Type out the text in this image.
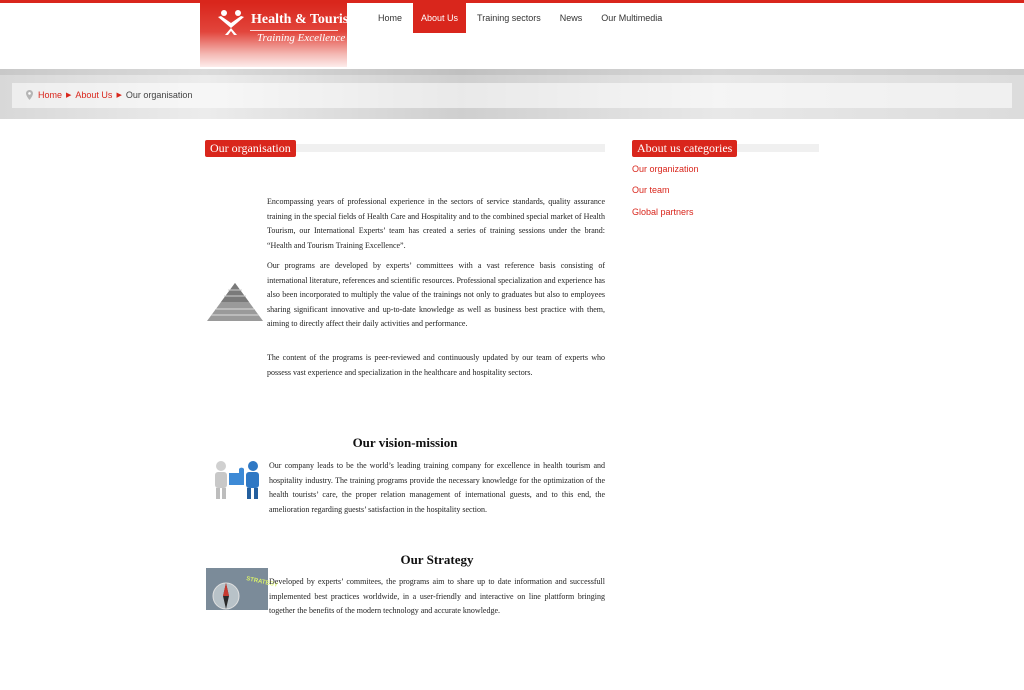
Health & Tourism
Training Excellence
Home	About Us	Training sectors	News	Our Multimedia
Home ▶ About Us ▶ Our organisation
Our organisation
Encompassing years of professional experience in the sectors of service standards, quality assurance training in the special fields of Health Care and Hospitality and to the combined special market of Health Tourism, our International Experts’ team has created a series of training sessions under the brand: “Health and Tourism Training Excellence”.
Our programs are developed by experts’ committees with a vast reference basis consisting of international literature, references and scientific resources. Professional specialization and experience has also been incorporated to multiply the value of the trainings not only to graduates but also to employees sharing significant innovative and up-to-date knowledge as well as business best practice with them, aiming to directly affect their daily activities and performance.
The content of the programs is peer-reviewed and continuously updated by our team of experts who possess vast experience and specialization in the healthcare and hospitality sectors.
Our vision-mission
Our company leads to be the world’s leading training company for excellence in health tourism and hospitality industry. The training programs provide the necessary knowledge for the optimization of the health tourists’ care, the proper relation management of international guests, and to this end, the amelioration regarding guests’ satisfaction in the hospitality section.
Our Strategy
STRATEGY
Developed by experts’ commitees, the programs aim to share up to date information and successfull implemented best practices worldwide, in a user-friendly and interactive on line plattform bringing together the benefits of the modern technology and accurate knowledge.
About us categories
Our organization
Our team
Global partners
